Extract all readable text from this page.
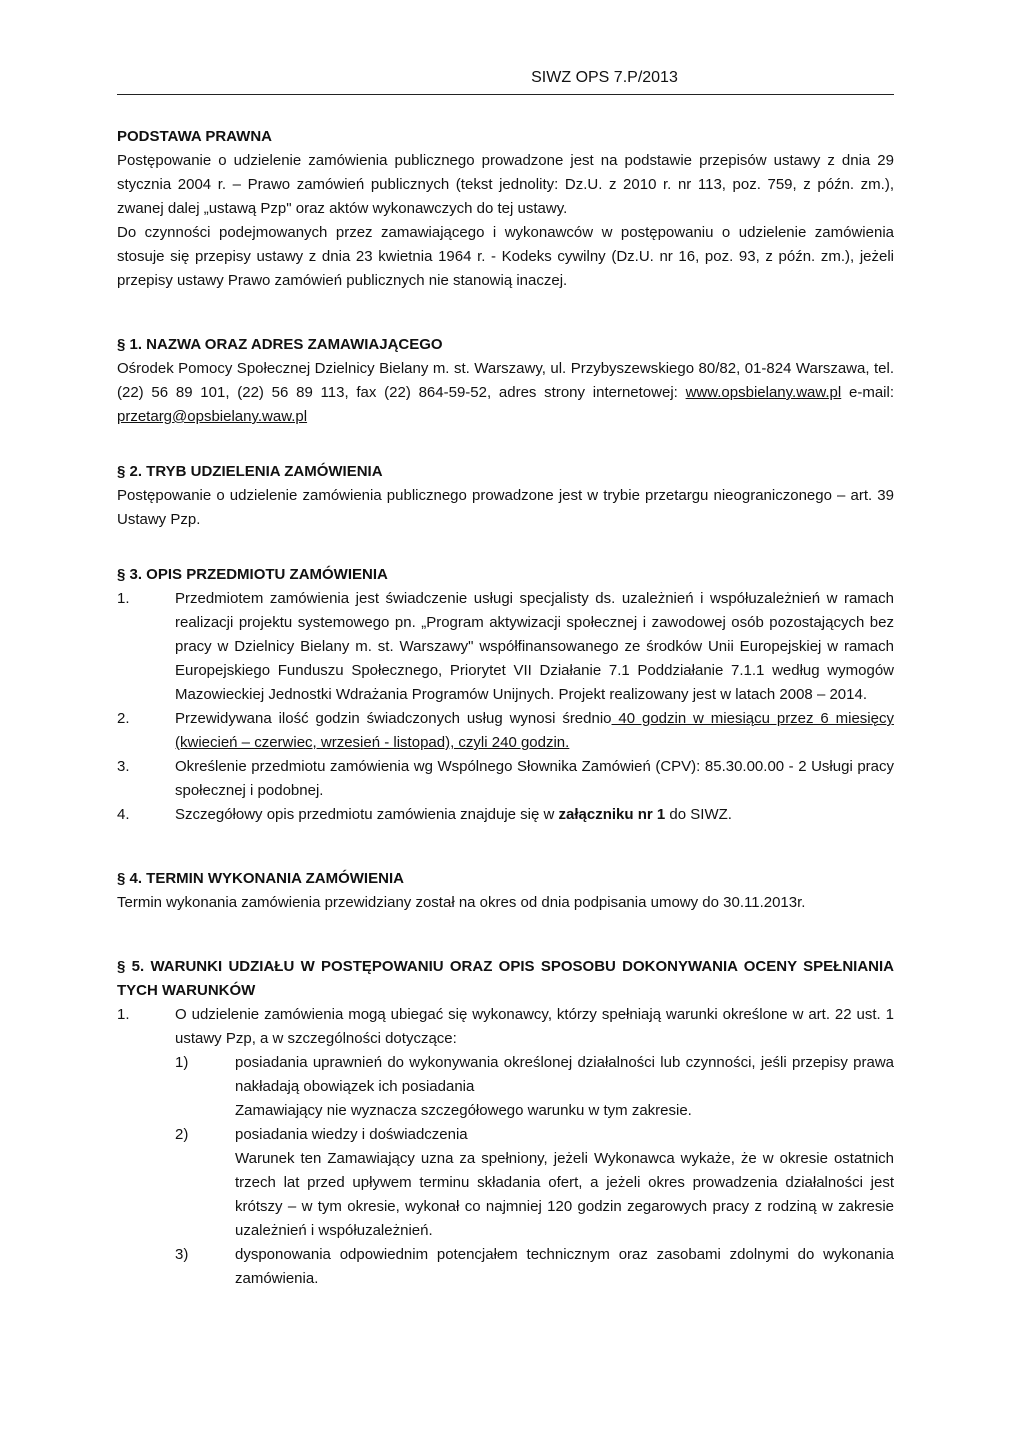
SIWZ OPS 7.P/2013
PODSTAWA PRAWNA

Postępowanie o udzielenie zamówienia publicznego prowadzone jest na podstawie przepisów ustawy z dnia 29 stycznia 2004 r. – Prawo zamówień publicznych (tekst jednolity: Dz.U. z 2010 r. nr 113, poz. 759, z późn. zm.), zwanej dalej „ustawą Pzp" oraz aktów wykonawczych do tej ustawy.

Do czynności podejmowanych przez zamawiającego i wykonawców w postępowaniu o udzielenie zamówienia stosuje się przepisy ustawy z dnia 23 kwietnia 1964 r. - Kodeks cywilny (Dz.U. nr 16, poz. 93, z późn. zm.), jeżeli przepisy ustawy Prawo zamówień publicznych nie stanowią inaczej.

§ 1. NAZWA ORAZ ADRES ZAMAWIAJĄCEGO

Ośrodek Pomocy Społecznej Dzielnicy Bielany m. st. Warszawy, ul. Przybyszewskiego 80/82, 01-824 Warszawa, tel. (22) 56 89 101, (22) 56 89 113, fax (22) 864-59-52, adres strony internetowej: www.opsbielany.waw.pl e-mail: przetarg@opsbielany.waw.pl

§ 2. TRYB UDZIELENIA ZAMÓWIENIA

Postępowanie o udzielenie zamówienia publicznego prowadzone jest w trybie przetargu nieograniczonego – art. 39 Ustawy Pzp.

§ 3. OPIS PRZEDMIOTU ZAMÓWIENIA
1.	Przedmiotem zamówienia jest świadczenie usługi specjalisty ds. uzależnień i współuzależnień w ramach realizacji projektu systemowego pn. „Program aktywizacji społecznej i zawodowej osób pozostających bez pracy w Dzielnicy Bielany m. st. Warszawy" współfinansowanego ze środków Unii Europejskiej w ramach Europejskiego Funduszu Społecznego, Priorytet VII Działanie 7.1 Poddziałanie 7.1.1 według wymogów Mazowieckiej Jednostki Wdrażania Programów Unijnych. Projekt realizowany jest w latach 2008 – 2014.
2.	Przewidywana ilość godzin świadczonych usług wynosi średnio 40 godzin w miesiącu przez 6 miesięcy (kwiecień – czerwiec, wrzesień - listopad), czyli 240 godzin.
3.	Określenie przedmiotu zamówienia wg Wspólnego Słownika Zamówień (CPV): 85.30.00.00 - 2 Usługi pracy społecznej i podobnej.
4.	Szczegółowy opis przedmiotu zamówienia znajduje się w załączniku nr 1 do SIWZ.
§ 4. TERMIN WYKONANIA ZAMÓWIENIA

Termin wykonania zamówienia przewidziany został na okres od dnia podpisania umowy do 30.11.2013r.

§ 5. WARUNKI UDZIAŁU W POSTĘPOWANIU ORAZ OPIS SPOSOBU DOKONYWANIA OCENY SPEŁNIANIA TYCH WARUNKÓW
1.	O udzielenie zamówienia mogą ubiegać się wykonawcy, którzy spełniają warunki określone w art. 22 ust. 1 ustawy Pzp, a w szczególności dotyczące:
1)	posiadania uprawnień do wykonywania określonej działalności lub czynności, jeśli przepisy prawa nakładają obowiązek ich posiadania
Zamawiający nie wyznacza szczegółowego warunku w tym zakresie.
2)	posiadania wiedzy i doświadczenia
Warunek ten Zamawiający uzna za spełniony, jeżeli Wykonawca wykaże, że w okresie ostatnich trzech lat przed upływem terminu składania ofert, a jeżeli okres prowadzenia działalności jest krótszy – w tym okresie, wykonał co najmniej 120 godzin zegarowych pracy z rodziną w zakresie uzależnień i współuzależnień.
3)	dysponowania odpowiednim potencjałem technicznym oraz zasobami zdolnymi do wykonania zamówienia.
